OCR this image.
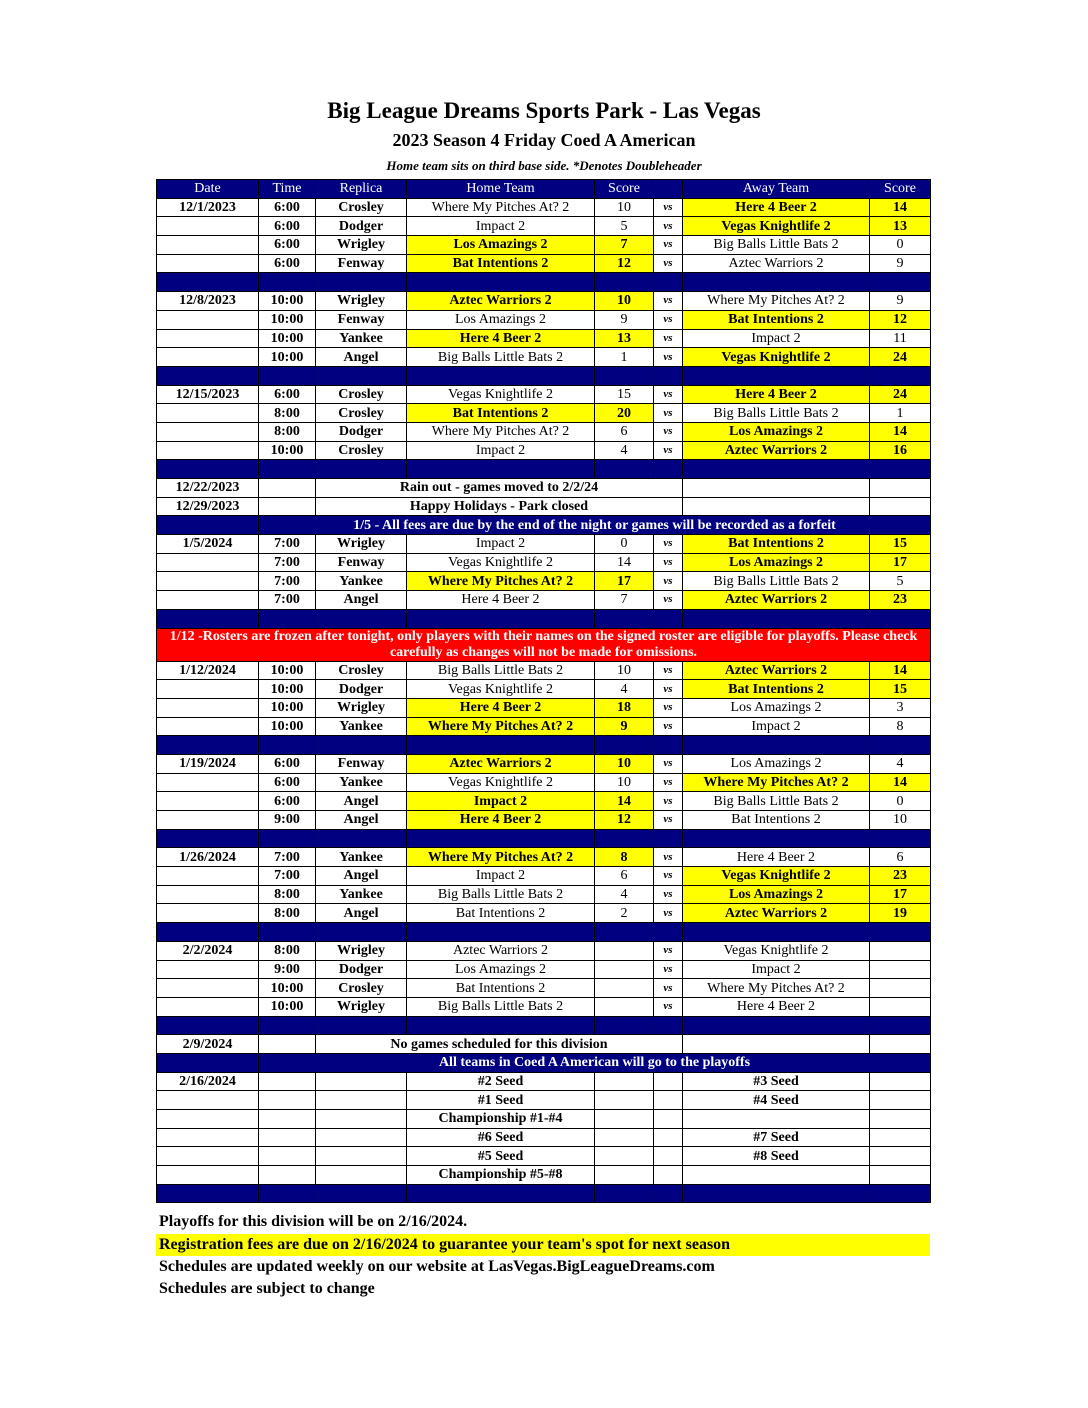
Big League Dreams Sports Park - Las Vegas
2023 Season 4 Friday Coed A American
Home team sits on third base side. *Denotes Doubleheader
Date	Time	Replica	Home Team	Score		Away Team	Score
12/1/2023	6:00	Crosley	Where My Pitches At? 2	10	vs	Here 4 Beer 2	14
	6:00	Dodger	Impact 2	5	vs	Vegas Knightlife 2	13
	6:00	Wrigley	Los Amazings 2	7	vs	Big Balls Little Bats 2	0
	6:00	Fenway	Bat Intentions 2	12	vs	Aztec Warriors 2	9

12/8/2023	10:00	Wrigley	Aztec Warriors 2	10	vs	Where My Pitches At? 2	9
	10:00	Fenway	Los Amazings 2	9	vs	Bat Intentions 2	12
	10:00	Yankee	Here 4 Beer 2	13	vs	Impact 2	11
	10:00	Angel	Big Balls Little Bats 2	1	vs	Vegas Knightlife 2	24

12/15/2023	6:00	Crosley	Vegas Knightlife 2	15	vs	Here 4 Beer 2	24
	8:00	Crosley	Bat Intentions 2	20	vs	Big Balls Little Bats 2	1
	8:00	Dodger	Where My Pitches At? 2	6	vs	Los Amazings 2	14
	10:00	Crosley	Impact 2	4	vs	Aztec Warriors 2	16

12/22/2023		Rain out - games moved to 2/2/24					
12/29/2023		Happy Holidays - Park closed					
	1/5 - All fees are due by the end of the night or games will be recorded as a forfeit						
1/5/2024	7:00	Wrigley	Impact 2	0	vs	Bat Intentions 2	15
	7:00	Fenway	Vegas Knightlife 2	14	vs	Los Amazings 2	17
	7:00	Yankee	Where My Pitches At? 2	17	vs	Big Balls Little Bats 2	5
	7:00	Angel	Here 4 Beer 2	7	vs	Aztec Warriors 2	23

1/12 -Rosters are frozen after tonight, only players with their names on the signed roster are eligible for playoffs. Please check carefully as changes will not be made for omissions.							
1/12/2024	10:00	Crosley	Big Balls Little Bats 2	10	vs	Aztec Warriors 2	14
	10:00	Dodger	Vegas Knightlife 2	4	vs	Bat Intentions 2	15
	10:00	Wrigley	Here 4 Beer 2	18	vs	Los Amazings 2	3
	10:00	Yankee	Where My Pitches At? 2	9	vs	Impact 2	8

1/19/2024	6:00	Fenway	Aztec Warriors 2	10	vs	Los Amazings 2	4
	6:00	Yankee	Vegas Knightlife 2	10	vs	Where My Pitches At? 2	14
	6:00	Angel	Impact 2	14	vs	Big Balls Little Bats 2	0
	9:00	Angel	Here 4 Beer 2	12	vs	Bat Intentions 2	10

1/26/2024	7:00	Yankee	Where My Pitches At? 2	8	vs	Here 4 Beer 2	6
	7:00	Angel	Impact 2	6	vs	Vegas Knightlife 2	23
	8:00	Yankee	Big Balls Little Bats 2	4	vs	Los Amazings 2	17
	8:00	Angel	Bat Intentions 2	2	vs	Aztec Warriors 2	19

2/2/2024	8:00	Wrigley	Aztec Warriors 2		vs	Vegas Knightlife 2	
	9:00	Dodger	Los Amazings 2		vs	Impact 2	
	10:00	Crosley	Bat Intentions 2		vs	Where My Pitches At? 2	
	10:00	Wrigley	Big Balls Little Bats 2		vs	Here 4 Beer 2	

2/9/2024		No games scheduled for this division					
	All teams in Coed A American will go to the playoffs						
2/16/2024			#2 Seed			#3 Seed	
			#1 Seed			#4 Seed	
			Championship #1-#4				
			#6 Seed			#7 Seed	
			#5 Seed			#8 Seed	
			Championship #5-#8				

Playoffs for this division will be on 2/16/2024.
Registration fees are due on 2/16/2024 to guarantee your team's spot for next season
Schedules are updated weekly on our website at LasVegas.BigLeagueDreams.com
Schedules are subject to change
